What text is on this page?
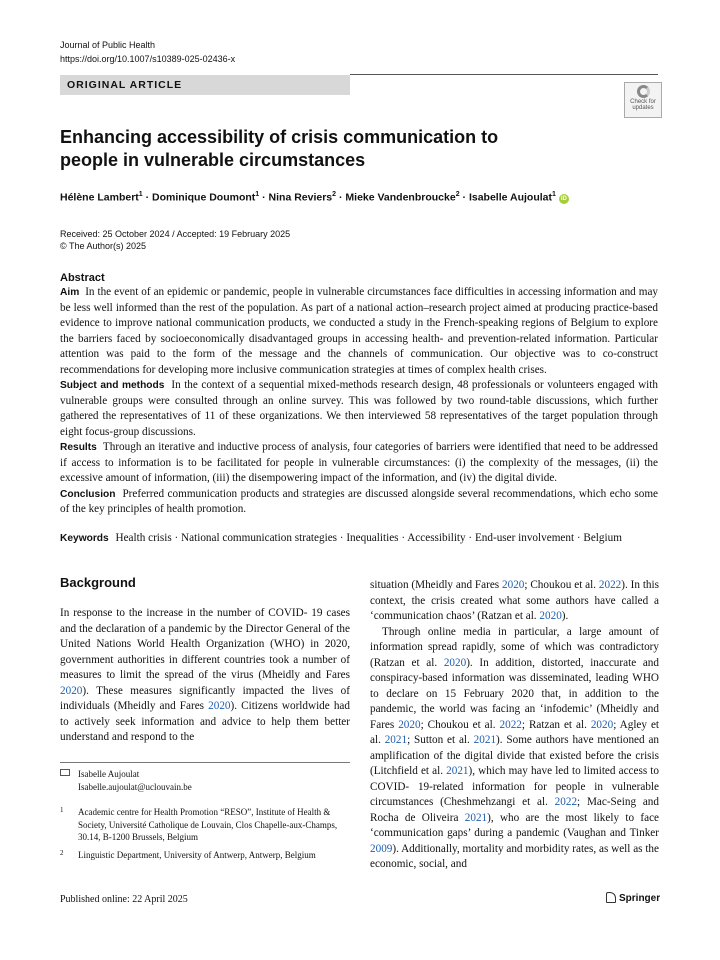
Journal of Public Health
https://doi.org/10.1007/s10389-025-02436-x
ORIGINAL ARTICLE
Check for
updates
Enhancing accessibility of crisis communication to people in vulnerable circumstances
Hélène Lambert$^1$ · Dominique Doumont$^1$ · Nina Reviers$^2$ · Mieke Vandenbroucke$^2$ · Isabelle Aujoulat$^1$ iD
Received: 25 October 2024 / Accepted: 19 February 2025
© The Author(s) 2025
Abstract

Aim In the event of an epidemic or pandemic, people in vulnerable circumstances face difficulties in accessing information and may be less well informed than the rest of the population. As part of a national action–research project aimed at producing practice-based evidence to improve national communication products, we conducted a study in the French-speaking regions of Belgium to explore the barriers faced by socioeconomically disadvantaged groups in accessing health- and prevention-related information. Particular attention was paid to the form of the message and the channels of communication. Our objective was to co-construct recommendations for developing more inclusive communication strategies at times of complex health crises.

Subject and methods In the context of a sequential mixed-methods research design, 48 professionals or volunteers engaged with vulnerable groups were consulted through an online survey. This was followed by two round-table discussions, which further gathered the representatives of 11 of these organizations. We then interviewed 58 representatives of the target population through eight focus-group discussions.

Results Through an iterative and inductive process of analysis, four categories of barriers were identified that need to be addressed if access to information is to be facilitated for people in vulnerable circumstances: (i) the complexity of the messages, (ii) the excessive amount of information, (iii) the disempowering impact of the information, and (iv) the digital divide.

Conclusion Preferred communication products and strategies are discussed alongside several recommendations, which echo some of the key principles of health promotion.

Keywords Health crisis · National communication strategies · Inequalities · Accessibility · End-user involvement · Belgium
Background

In response to the increase in the number of COVID- 19 cases and the declaration of a pandemic by the Director General of the United Nations World Health Organization (WHO) in 2020, government authorities in different countries took a number of measures to limit the spread of the virus (Mheidly and Fares 2020). These measures significantly impacted the lives of individuals (Mheidly and Fares 2020). Citizens worldwide had to actively seek information and advice to help them better understand and respond to the

situation (Mheidly and Fares 2020; Choukou et al. 2022). In this context, the crisis created what some authors have called a ‘communication chaos’ (Ratzan et al. 2020).

Through online media in particular, a large amount of information spread rapidly, some of which was contradictory (Ratzan et al. 2020). In addition, distorted, inaccurate and conspiracy-based information was disseminated, leading WHO to declare on 15 February 2020 that, in addition to the pandemic, the world was facing an ‘infodemic’ (Mheidly and Fares 2020; Choukou et al. 2022; Ratzan et al. 2020; Agley et al. 2021; Sutton et al. 2021). Some authors have mentioned an amplification of the digital divide that existed before the crisis (Litchfield et al. 2021), which may have led to limited access to COVID- 19-related information for people in vulnerable circumstances (Cheshmehzangi et al. 2022; Mac-Seing and Rocha de Oliveira 2021), who are the most likely to face ‘communication gaps’ during a pandemic (Vaughan and Tinker 2009). Additionally, mortality and morbidity rates, as well as the economic, social, and

Isabelle Aujoulat
Isabelle.aujoulat@uclouvain.be
1 Academic centre for Health Promotion “RESO”, Institute of Health & Society, Université Catholique de Louvain, Clos Chapelle-aux-Champs, 30.14, B-1200 Brussels, Belgium
2 Linguistic Department, University of Antwerp, Antwerp, Belgium
Published online: 22 April 2025	Springer
